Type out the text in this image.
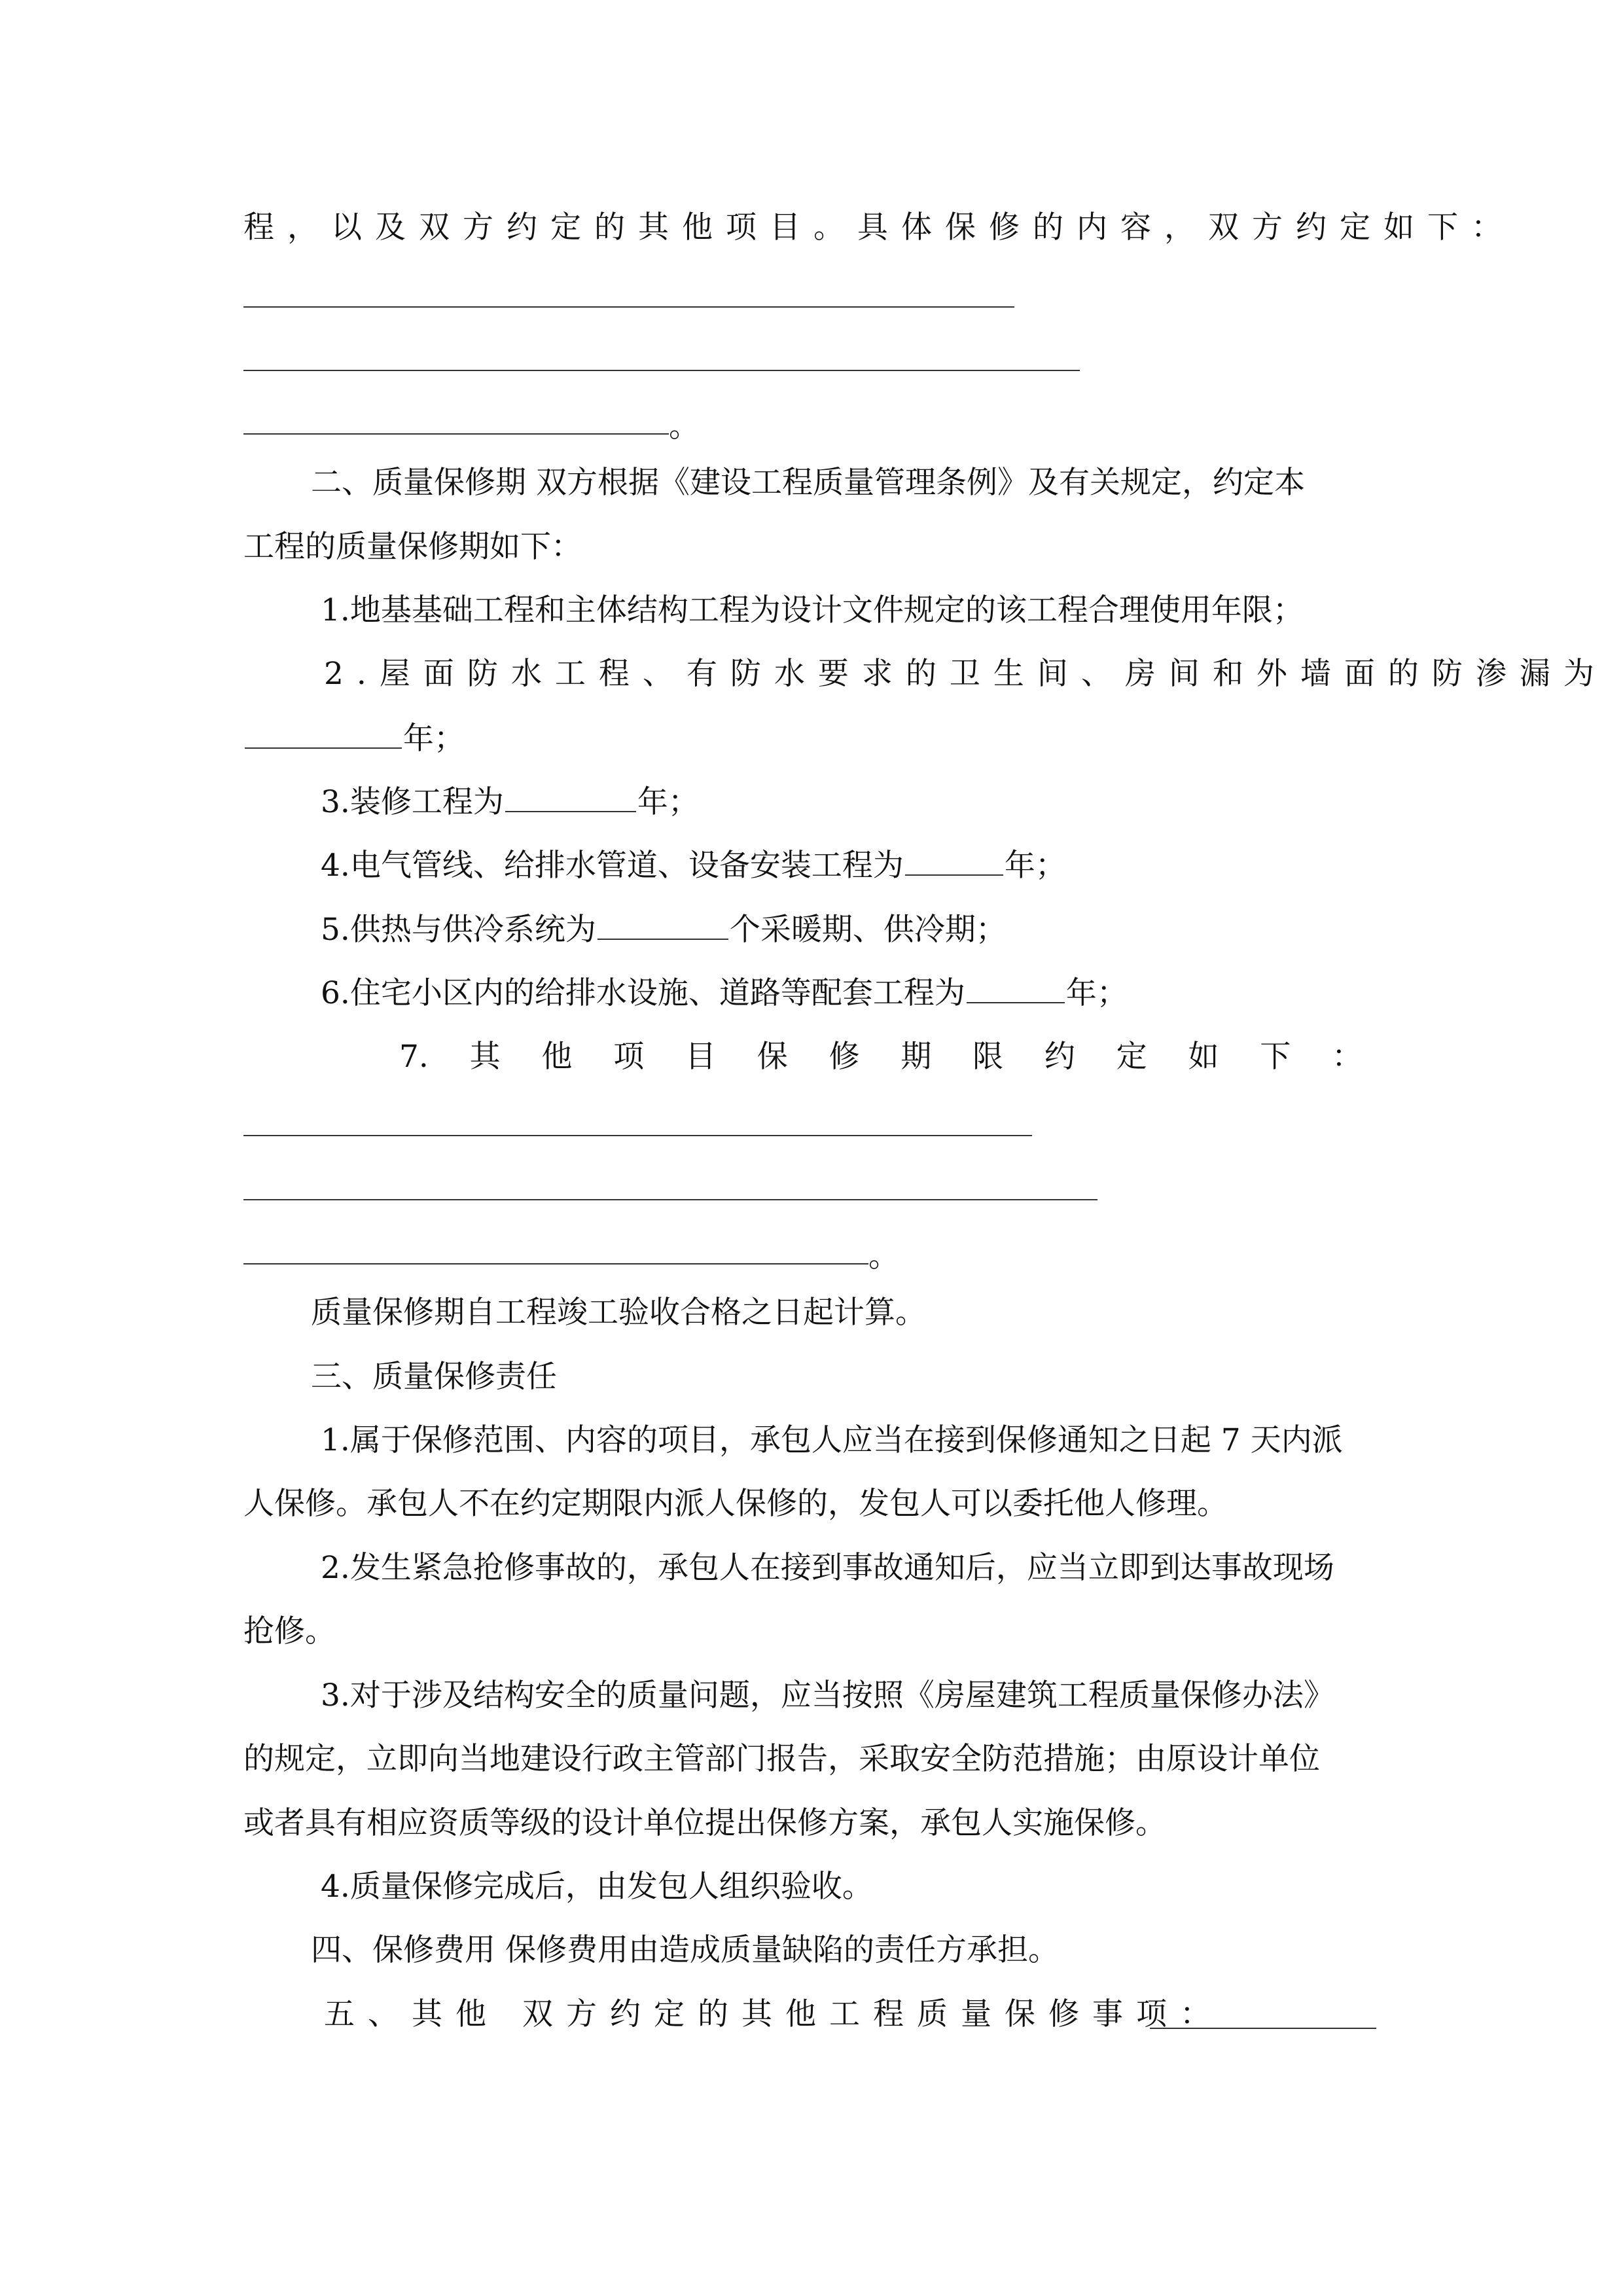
程，以及双方约定的其他项目。具体保修的内容，双方约定如下：
。
二、质量保修期 双方根据《建设工程质量管理条例》及有关规定，约定本
工程的质量保修期如下：
1.地基基础工程和主体结构工程为设计文件规定的该工程合理使用年限；
2.屋面防水工程、有防水要求的卫生间、房间和外墙面的防渗漏为
年；
3.装修工程为	年；
4.电气管线、给排水管道、设备安装工程为	年；
5.供热与供冷系统为	个采暖期、供冷期；
6.住宅小区内的给排水设施、道路等配套工程为	年；
7. 其 他 项 目 保 修 期 限 约 定 如 下 ：
。
质量保修期自工程竣工验收合格之日起计算。
三、质量保修责任
1.属于保修范围、内容的项目，承包人应当在接到保修通知之日起 7 天内派
人保修。承包人不在约定期限内派人保修的，发包人可以委托他人修理。
2.发生紧急抢修事故的，承包人在接到事故通知后，应当立即到达事故现场
抢修。
3.对于涉及结构安全的质量问题，应当按照《房屋建筑工程质量保修办法》
的规定，立即向当地建设行政主管部门报告，采取安全防范措施；由原设计单位
或者具有相应资质等级的设计单位提出保修方案，承包人实施保修。
4.质量保修完成后，由发包人组织验收。
四、保修费用 保修费用由造成质量缺陷的责任方承担。
五、其他 双方约定的其他工程质量保修事项：
